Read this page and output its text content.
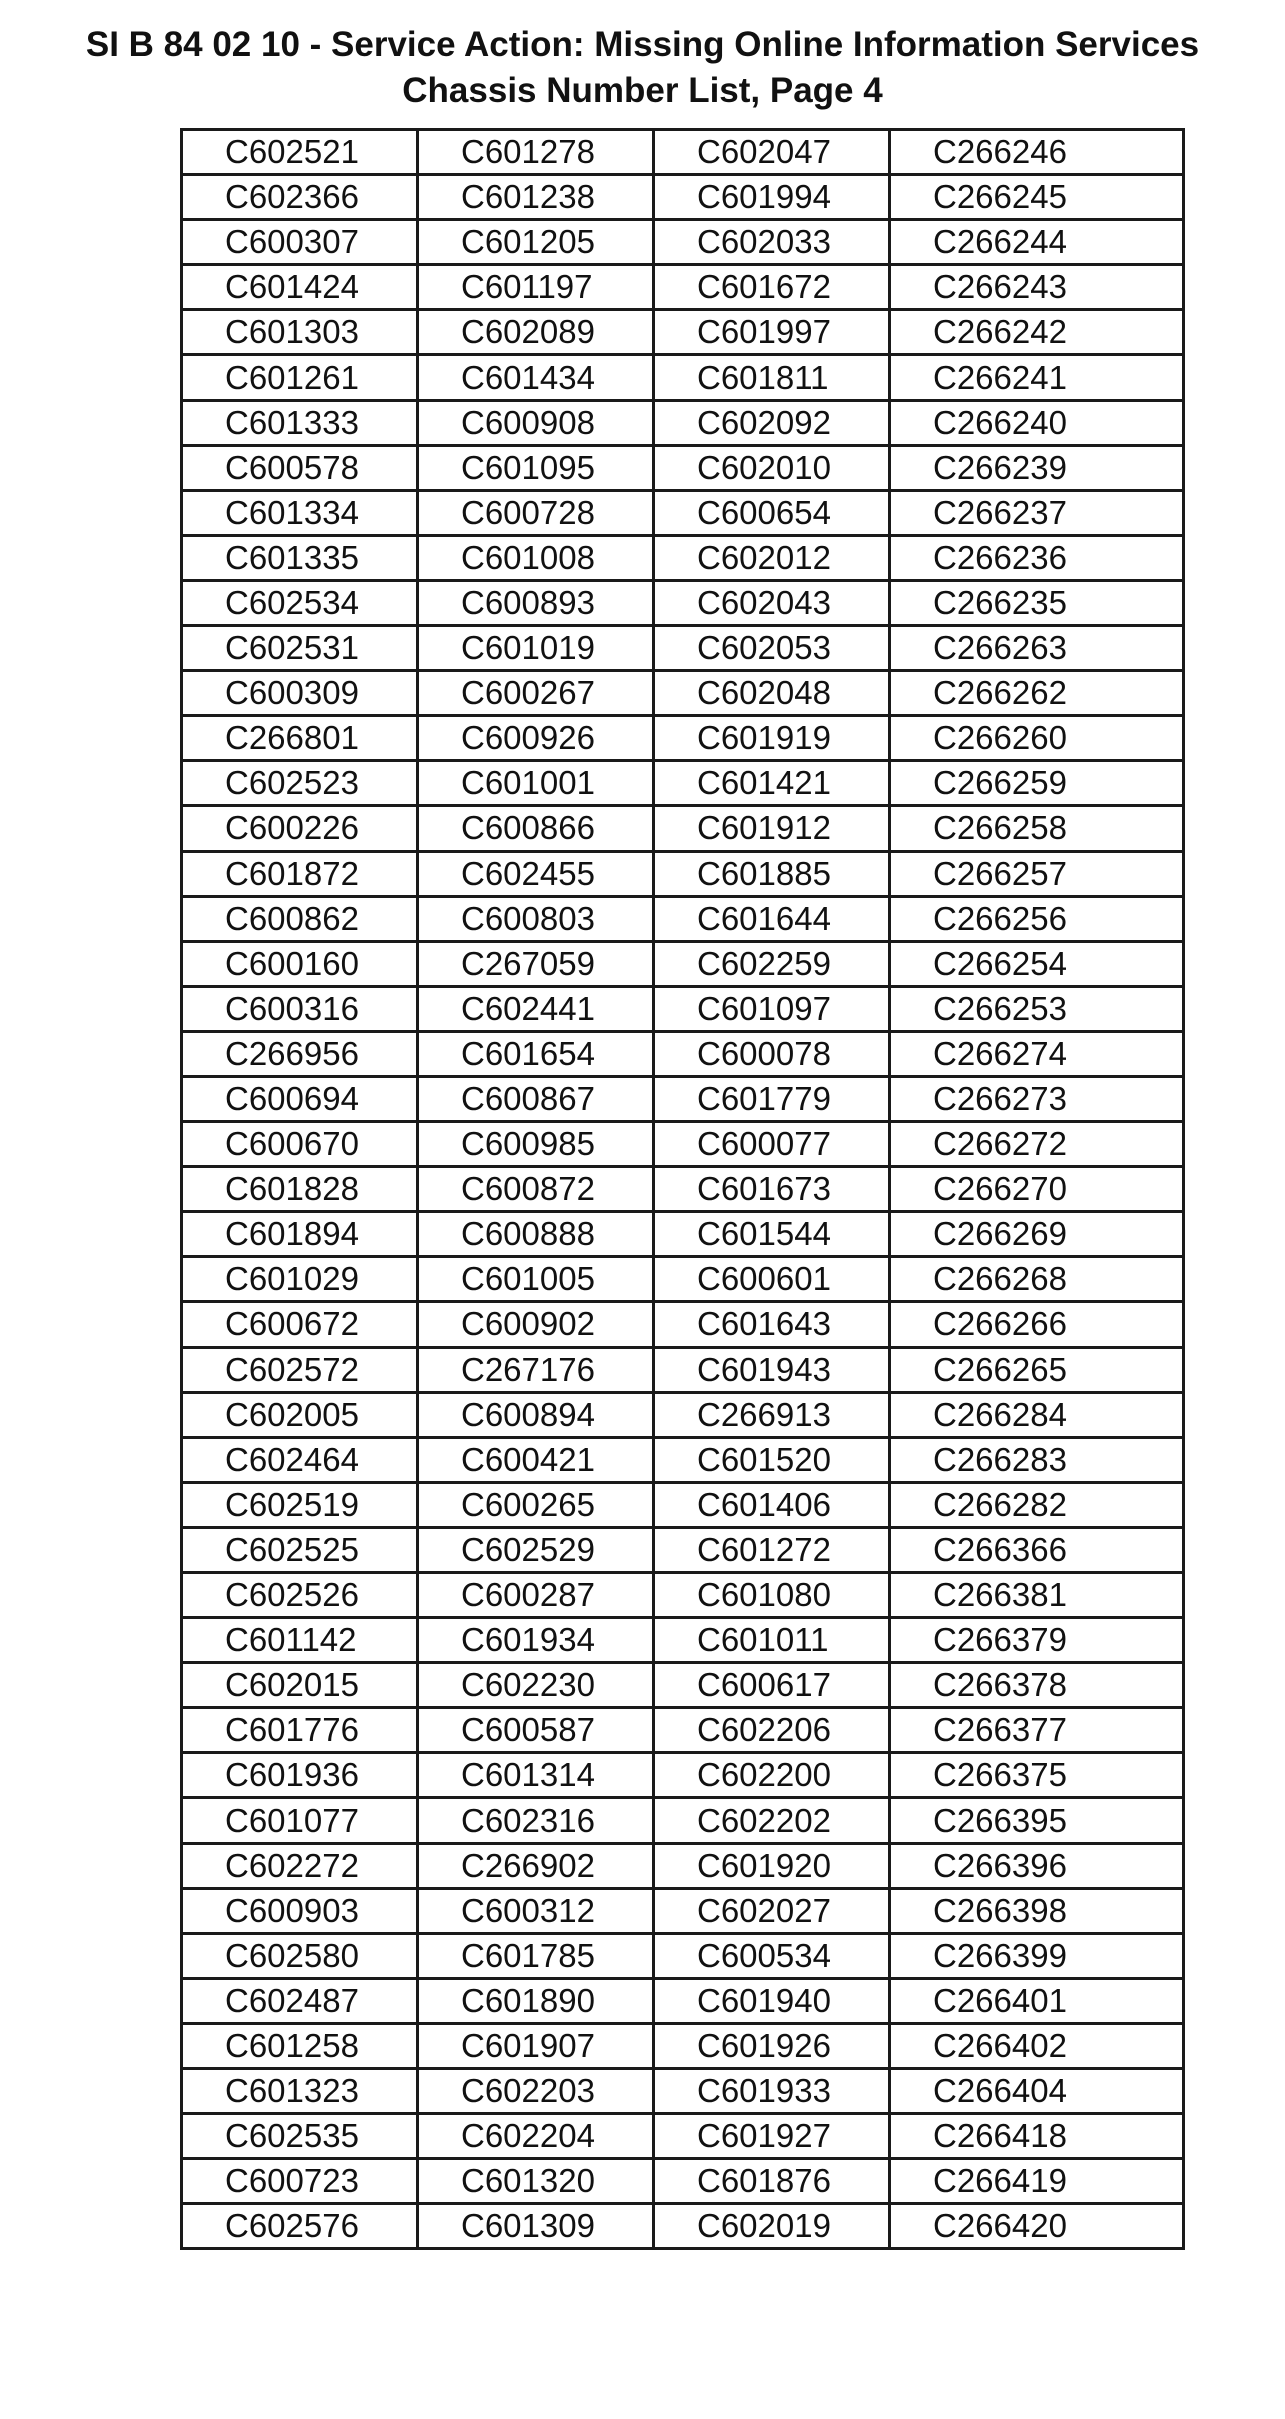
SI B 84 02 10 - Service Action: Missing Online Information Services
Chassis Number List, Page 4
C602521	C601278	C602047	C266246
C602366	C601238	C601994	C266245
C600307	C601205	C602033	C266244
C601424	C601197	C601672	C266243
C601303	C602089	C601997	C266242
C601261	C601434	C601811	C266241
C601333	C600908	C602092	C266240
C600578	C601095	C602010	C266239
C601334	C600728	C600654	C266237
C601335	C601008	C602012	C266236
C602534	C600893	C602043	C266235
C602531	C601019	C602053	C266263
C600309	C600267	C602048	C266262
C266801	C600926	C601919	C266260
C602523	C601001	C601421	C266259
C600226	C600866	C601912	C266258
C601872	C602455	C601885	C266257
C600862	C600803	C601644	C266256
C600160	C267059	C602259	C266254
C600316	C602441	C601097	C266253
C266956	C601654	C600078	C266274
C600694	C600867	C601779	C266273
C600670	C600985	C600077	C266272
C601828	C600872	C601673	C266270
C601894	C600888	C601544	C266269
C601029	C601005	C600601	C266268
C600672	C600902	C601643	C266266
C602572	C267176	C601943	C266265
C602005	C600894	C266913	C266284
C602464	C600421	C601520	C266283
C602519	C600265	C601406	C266282
C602525	C602529	C601272	C266366
C602526	C600287	C601080	C266381
C601142	C601934	C601011	C266379
C602015	C602230	C600617	C266378
C601776	C600587	C602206	C266377
C601936	C601314	C602200	C266375
C601077	C602316	C602202	C266395
C602272	C266902	C601920	C266396
C600903	C600312	C602027	C266398
C602580	C601785	C600534	C266399
C602487	C601890	C601940	C266401
C601258	C601907	C601926	C266402
C601323	C602203	C601933	C266404
C602535	C602204	C601927	C266418
C600723	C601320	C601876	C266419
C602576	C601309	C602019	C266420
